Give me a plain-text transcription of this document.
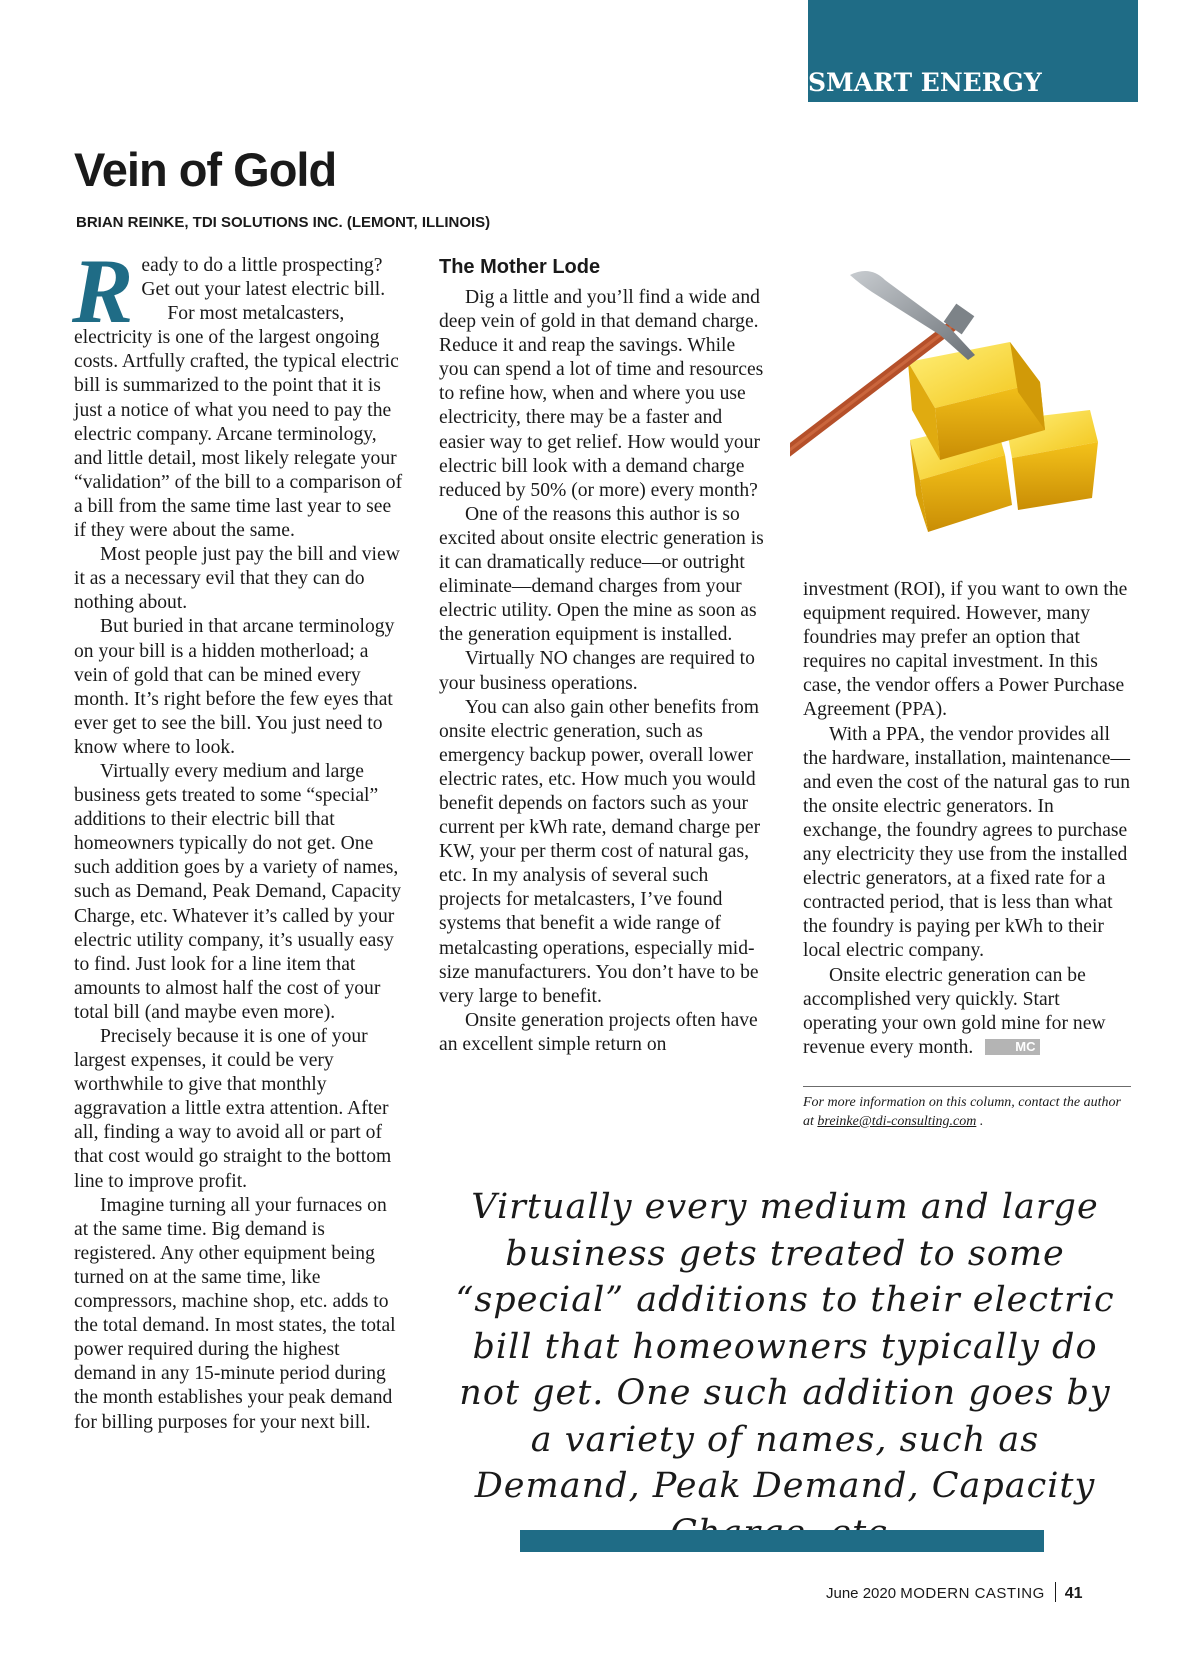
SMART ENERGY
Vein of Gold
BRIAN REINKE, TDI SOLUTIONS INC. (LEMONT, ILLINOIS)
R eady to do a little prospecting? Get out your latest electric bill.

For most metalcasters, electricity is one of the largest ongoing costs. Artfully crafted, the typical electric bill is summarized to the point that it is just a notice of what you need to pay the electric company. Arcane terminology, and little detail, most likely relegate your “validation” of the bill to a comparison of a bill from the same time last year to see if they were about the same.

Most people just pay the bill and view it as a necessary evil that they can do nothing about.

But buried in that arcane terminology on your bill is a hidden motherload; a vein of gold that can be mined every month. It’s right before the few eyes that ever get to see the bill. You just need to know where to look.

Virtually every medium and large business gets treated to some “special” additions to their electric bill that homeowners typically do not get. One such addition goes by a variety of names, such as Demand, Peak Demand, Capacity Charge, etc. Whatever it’s called by your electric utility company, it’s usually easy to find. Just look for a line item that amounts to almost half the cost of your total bill (and maybe even more).

Precisely because it is one of your largest expenses, it could be very worthwhile to give that monthly aggravation a little extra attention. After all, finding a way to avoid all or part of that cost would go straight to the bottom line to improve profit.

Imagine turning all your furnaces on at the same time. Big demand is registered. Any other equipment being turned on at the same time, like compressors, machine shop, etc. adds to the total demand. In most states, the total power required during the highest demand in any 15-minute period during the month establishes your peak demand for billing purposes for your next bill.

The Mother Lode

Dig a little and you’ll find a wide and deep vein of gold in that demand charge. Reduce it and reap the savings. While you can spend a lot of time and resources to refine how, when and where you use electricity, there may be a faster and easier way to get relief. How would your electric bill look with a demand charge reduced by 50% (or more) every month?

One of the reasons this author is so excited about onsite electric generation is it can dramatically reduce—or outright eliminate—demand charges from your electric utility. Open the mine as soon as the generation equipment is installed.

Virtually NO changes are required to your business operations.

You can also gain other benefits from onsite electric generation, such as emergency backup power, overall lower electric rates, etc. How much you would benefit depends on factors such as your current per kWh rate, demand charge per KW, your per therm cost of natural gas, etc. In my analysis of several such projects for metalcasters, I’ve found systems that benefit a wide range of metalcasting operations, especially mid-size manufacturers. You don’t have to be very large to benefit.

Onsite generation projects often have an excellent simple return on

investment (ROI), if you want to own the equipment required. However, many foundries may prefer an option that requires no capital investment. In this case, the vendor offers a Power Purchase Agreement (PPA).

With a PPA, the vendor provides all the hardware, installation, maintenance—and even the cost of the natural gas to run the onsite electric generators. In exchange, the foundry agrees to purchase any electricity they use from the installed electric generators, at a fixed rate for a contracted period, that is less than what the foundry is paying per kWh to their local electric company.

Onsite electric generation can be accomplished very quickly. Start operating your own gold mine for new revenue every month.	MC

For more information on this column, contact the author at breinke@tdi-consulting.com .
Virtually every medium and large business gets treated to some “special” additions to their electric bill that homeowners typically do not get. One such addition goes by a variety of names, such as Demand, Peak Demand, Capacity
June 2020 MODERN CASTING 41
